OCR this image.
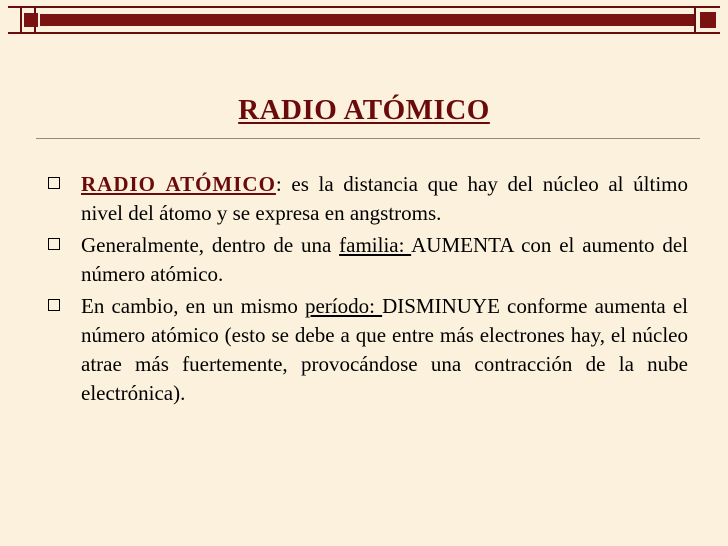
RADIO ATÓMICO
RADIO ATÓMICO: es la distancia que hay del núcleo al último nivel del átomo y se expresa en angstroms.
Generalmente, dentro de una familia: AUMENTA con el aumento del número atómico.
En cambio, en un mismo período: DISMINUYE conforme aumenta el número atómico (esto se debe a que entre más electrones hay, el núcleo atrae más fuertemente, provocándose una contracción de la nube electrónica).
